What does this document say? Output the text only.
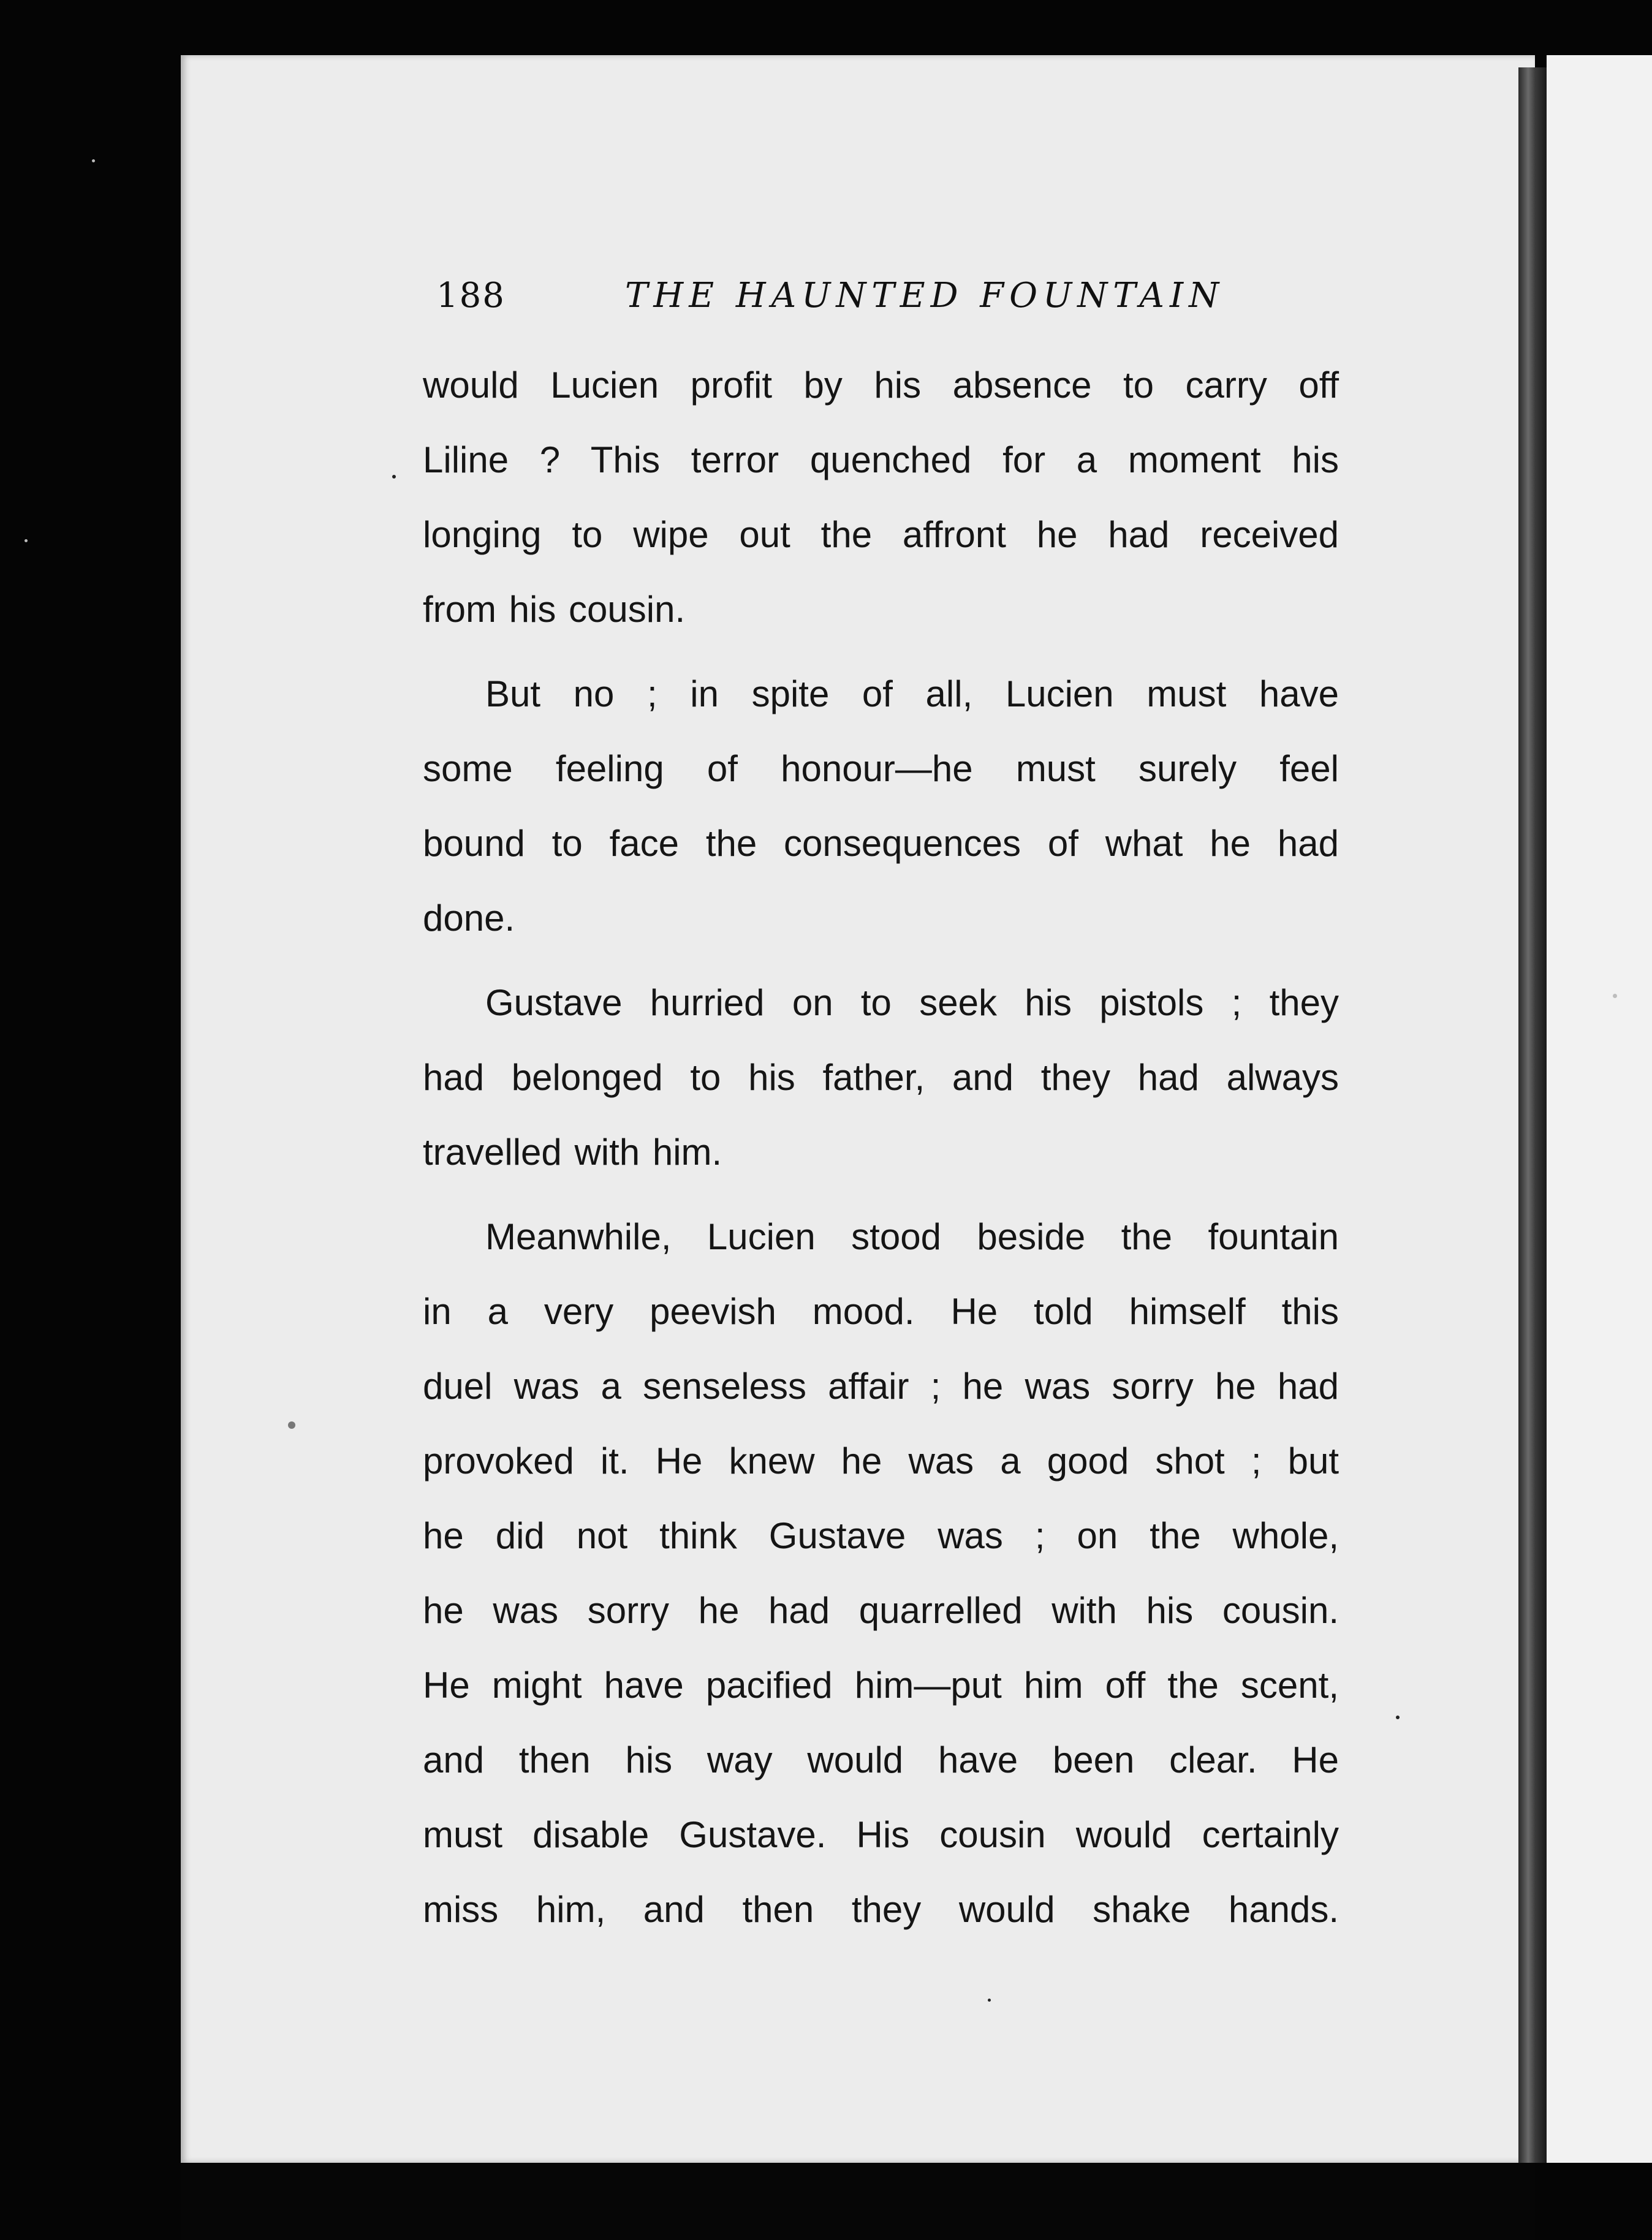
188	THE HAUNTED FOUNTAIN
would Lucien profit by his absence to carry off
Liline ? This terror quenched for a moment his
longing to wipe out the affront he had received
from his cousin.
But no ; in spite of all, Lucien must have
some feeling of honour—he must surely feel
bound to face the consequences of what he had
done.
Gustave hurried on to seek his pistols ; they
had belonged to his father, and they had always
travelled with him.
Meanwhile, Lucien stood beside the fountain
in a very peevish mood. He told himself this
duel was a senseless affair ; he was sorry he had
provoked it. He knew he was a good shot ; but
he did not think Gustave was ; on the whole,
he was sorry he had quarrelled with his cousin.
He might have pacified him—put him off the scent,
and then his way would have been clear. He
must disable Gustave. His cousin would certainly
miss him, and then they would shake hands.
